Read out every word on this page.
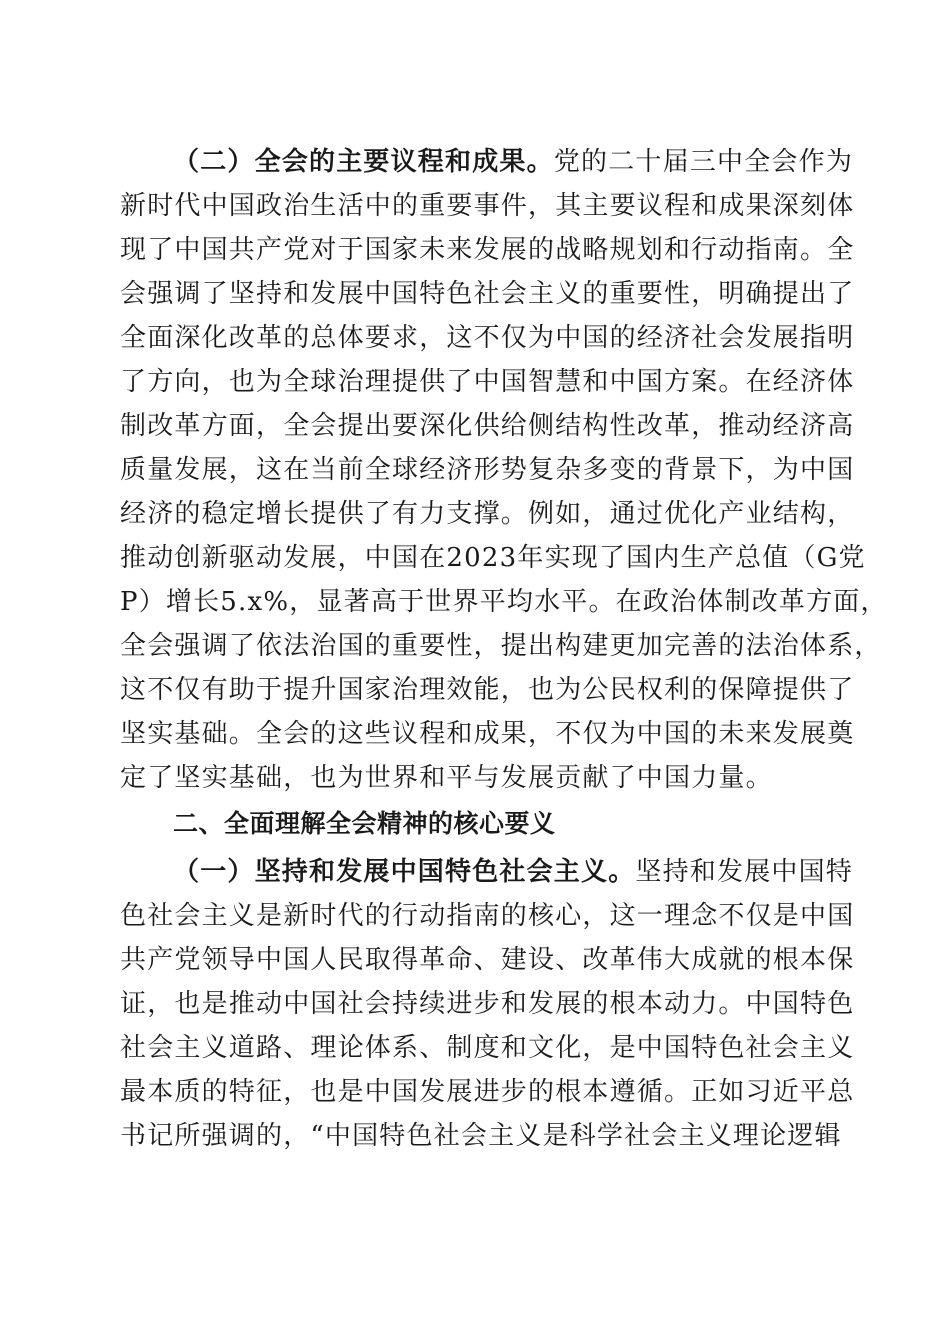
（二）全会的主要议程和成果。党的二十届三中全会作为
新时代中国政治生活中的重要事件，其主要议程和成果深刻体
现了中国共产党对于国家未来发展的战略规划和行动指南。全
会强调了坚持和发展中国特色社会主义的重要性，明确提出了
全面深化改革的总体要求，这不仅为中国的经济社会发展指明
了方向，也为全球治理提供了中国智慧和中国方案。在经济体
制改革方面，全会提出要深化供给侧结构性改革，推动经济高
质量发展，这在当前全球经济形势复杂多变的背景下，为中国
经济的稳定增长提供了有力支撑。例如，通过优化产业结构，
推动创新驱动发展，中国在2023年实现了国内生产总值（G党
P）增长5.x%，显著高于世界平均水平。在政治体制改革方面，
全会强调了依法治国的重要性，提出构建更加完善的法治体系，
这不仅有助于提升国家治理效能，也为公民权利的保障提供了
坚实基础。全会的这些议程和成果，不仅为中国的未来发展奠
定了坚实基础，也为世界和平与发展贡献了中国力量。
二、全面理解全会精神的核心要义
（一）坚持和发展中国特色社会主义。坚持和发展中国特
色社会主义是新时代的行动指南的核心，这一理念不仅是中国
共产党领导中国人民取得革命、建设、改革伟大成就的根本保
证，也是推动中国社会持续进步和发展的根本动力。中国特色
社会主义道路、理论体系、制度和文化，是中国特色社会主义
最本质的特征，也是中国发展进步的根本遵循。正如习近平总
书记所强调的，“中国特色社会主义是科学社会主义理论逻辑
